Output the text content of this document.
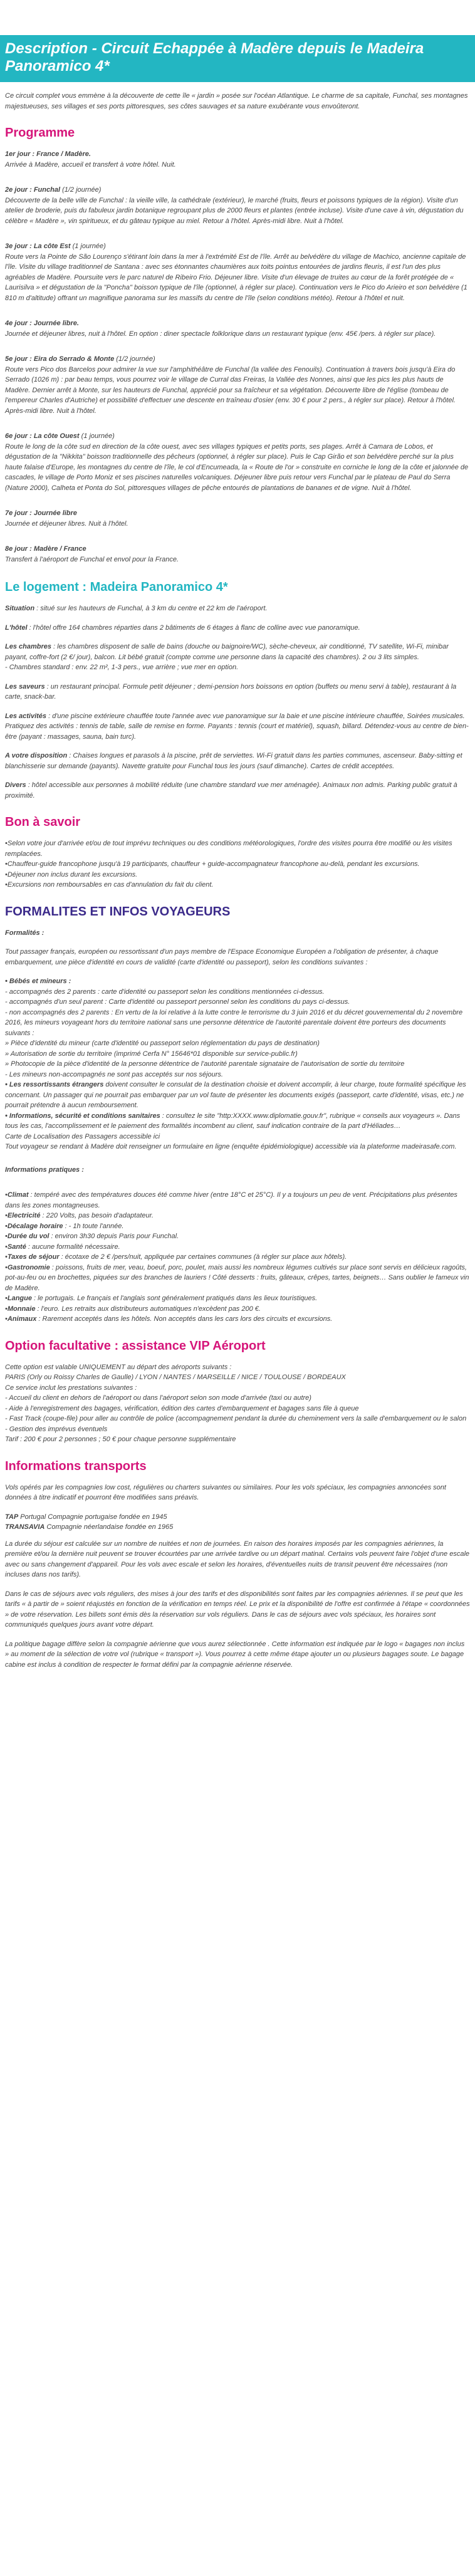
Description - Circuit Echappée à Madère depuis le Madeira Panoramico 4*

Ce circuit complet vous emmène à la découverte de cette île « jardin » posée sur l'océan Atlantique. Le charme de sa capitale, Funchal, ses montagnes majestueuses, ses villages et ses ports pittoresques, ses côtes sauvages et sa nature exubérante vous envoûteront.

Programme
1er jour : France / Madère.
Arrivée à Madère, accueil et transfert à votre hôtel. Nuit.
2e jour : Funchal (1/2 journée)
Découverte de la belle ville de Funchal : la vieille ville, la cathédrale (extérieur), le marché (fruits, fleurs et poissons typiques de la région). Visite d'un atelier de broderie, puis du fabuleux jardin botanique regroupant plus de 2000 fleurs et plantes (entrée incluse). Visite d'une cave à vin, dégustation du célèbre « Madère », vin spiritueux, et du gâteau typique au miel. Retour à l'hôtel. Après-midi libre. Nuit à l'hôtel.
3e jour : La côte Est (1 journée)
Route vers la Pointe de São Lourenço s'étirant loin dans la mer à l'extrémité Est de l'île. Arrêt au belvédère du village de Machico, ancienne capitale de l'île. Visite du village traditionnel de Santana : avec ses étonnantes chaumières aux toits pointus entourées de jardins fleuris, il est l'un des plus agréables de Madère. Poursuite vers le parc naturel de Ribeiro Frio. Déjeuner libre. Visite d'un élevage de truites au cœur de la forêt protégée de « Laurisilva » et dégustation de la "Poncha" boisson typique de l'île (optionnel, à régler sur place). Continuation vers le Pico do Arieiro et son belvédère (1 810 m d'altitude) offrant un magnifique panorama sur les massifs du centre de l'île (selon conditions météo). Retour à l'hôtel et nuit.
4e jour : Journée libre.
Journée et déjeuner libres, nuit à l'hôtel. En option : diner spectacle folklorique dans un restaurant typique (env. 45€ /pers. à régler sur place).
5e jour : Eira do Serrado & Monte (1/2 journée)
Route vers Pico dos Barcelos pour admirer la vue sur l'amphithéâtre de Funchal (la vallée des Fenouils). Continuation à travers bois jusqu'à Eira do Serrado (1026 m) : par beau temps, vous pourrez voir le village de Curral das Freiras, la Vallée des Nonnes, ainsi que les pics les plus hauts de Madère. Dernier arrêt à Monte, sur les hauteurs de Funchal, apprécié pour sa fraîcheur et sa végétation. Découverte libre de l'église (tombeau de l'empereur Charles d'Autriche) et possibilité d'effectuer une descente en traîneau d'osier (env. 30 € pour 2 pers., à régler sur place). Retour à l'hôtel. Après-midi libre. Nuit à l'hôtel.
6e jour : La côte Ouest (1 journée)
Route le long de la côte sud en direction de la côte ouest, avec ses villages typiques et petits ports, ses plages. Arrêt à Camara de Lobos, et dégustation de la "Nikkita" boisson traditionnelle des pêcheurs (optionnel, à régler sur place). Puis le Cap Girão et son belvédère perché sur la plus haute falaise d'Europe, les montagnes du centre de l'île, le col d'Encumeada, la « Route de l'or » construite en corniche le long de la côte et jalonnée de cascades, le village de Porto Moniz et ses piscines naturelles volcaniques. Déjeuner libre puis retour vers Funchal par le plateau de Paul do Serra (Nature 2000), Calheta et Ponta do Sol, pittoresques villages de pêche entourés de plantations de bananes et de vigne. Nuit à l'hôtel.
7e jour : Journée libre
Journée et déjeuner libres. Nuit à l'hôtel.
8e jour : Madère / France
Transfert à l'aéroport de Funchal et envol pour la France.
Le logement : Madeira Panoramico 4*

Situation : situé sur les hauteurs de Funchal, à 3 km du centre et 22 km de l'aéroport.

L'hôtel : l'hôtel offre 164 chambres réparties dans 2 bâtiments de 6 étages à flanc de colline avec vue panoramique.

Les chambres : les chambres disposent de salle de bains (douche ou baignoire/WC), sèche-cheveux, air conditionné, TV satellite, Wi-Fi, minibar payant, coffre-fort (2 €/ jour), balcon. Lit bébé gratuit (compte comme une personne dans la capacité des chambres). 2 ou 3 lits simples.
- Chambres standard : env. 22 m², 1-3 pers., vue arrière ; vue mer en option.

Les saveurs : un restaurant principal. Formule petit déjeuner ; demi-pension hors boissons en option (buffets ou menu servi à table), restaurant à la carte, snack-bar.

Les activités : d'une piscine extérieure chauffée toute l'année avec vue panoramique sur la baie et une piscine intérieure chauffée, Soirées musicales.
Pratiquez des activités : tennis de table, salle de remise en forme. Payants : tennis (court et matériel), squash, billard. Détendez-vous au centre de bien-être (payant : massages, sauna, bain turc).

A votre disposition : Chaises longues et parasols à la piscine, prêt de serviettes. Wi-Fi gratuit dans les parties communes, ascenseur. Baby-sitting et blanchisserie sur demande (payants). Navette gratuite pour Funchal tous les jours (sauf dimanche). Cartes de crédit acceptées.

Divers : hôtel accessible aux personnes à mobilité réduite (une chambre standard vue mer aménagée). Animaux non admis. Parking public gratuit à proximité.

Bon à savoir
• Selon votre jour d'arrivée et/ou de tout imprévu techniques ou des conditions météorologiques, l'ordre des visites pourra être modifié ou les visites remplacées.
• Chauffeur-guide francophone jusqu'à 19 participants, chauffeur + guide-accompagnateur francophone au-delà, pendant les excursions.
• Déjeuner non inclus durant les excursions.
• Excursions non remboursables en cas d'annulation du fait du client.
FORMALITES ET INFOS VOYAGEURS

Formalités :

Tout passager français, européen ou ressortissant d'un pays membre de l'Espace Economique Européen a l'obligation de présenter, à chaque embarquement, une pièce d'identité en cours de validité (carte d'identité ou passeport), selon les conditions suivantes :

• Bébés et mineurs :
- accompagnés des 2 parents : carte d'identité ou passeport selon les conditions mentionnées ci-dessus.
- accompagnés d'un seul parent : Carte d'identité ou passeport personnel selon les conditions du pays ci-dessus.
- non accompagnés des 2 parents : En vertu de la loi relative à la lutte contre le terrorisme du 3 juin 2016 et du décret gouvernemental du 2 novembre 2016, les mineurs voyageant hors du territoire national sans une personne détentrice de l'autorité parentale doivent être porteurs des documents suivants :
» Pièce d'identité du mineur (carte d'identité ou passeport selon réglementation du pays de destination)
» Autorisation de sortie du territoire (imprimé Cerfa N° 15646*01 disponible sur service-public.fr)
» Photocopie de la pièce d'identité de la personne détentrice de l'autorité parentale signataire de l'autorisation de sortie du territoire
- Les mineurs non-accompagnés ne sont pas acceptés sur nos séjours.
• Les ressortissants étrangers doivent consulter le consulat de la destination choisie et doivent accomplir, à leur charge, toute formalité spécifique les concernant. Un passager qui ne pourrait pas embarquer par un vol faute de présenter les documents exigés (passeport, carte d'identité, visas, etc.) ne pourrait prétendre à aucun remboursement.
• Informations, sécurité et conditions sanitaires : consultez le site "http:XXXX.www.diplomatie.gouv.fr", rubrique « conseils aux voyageurs ». Dans tous les cas, l'accomplissement et le paiement des formalités incombent au client, sauf indication contraire de la part d'Héliades…
Carte de Localisation des Passagers accessible ici
Tout voyageur se rendant à Madère doit renseigner un formulaire en ligne (enquête épidémiologique) accessible via la plateforme madeirasafe.com.

Informations pratiques :

• Climat : tempéré avec des températures douces été comme hiver (entre 18°C et 25°C). Il y a toujours un peu de vent. Précipitations plus présentes dans les zones montagneuses.
• Electricité : 220 Volts, pas besoin d'adaptateur.
• Décalage horaire : - 1h toute l'année.
• Durée du vol : environ 3h30 depuis Paris pour Funchal.
• Santé : aucune formalité nécessaire.
• Taxes de séjour : écotaxe de 2 € /pers/nuit, appliquée par certaines communes (à régler sur place aux hôtels).
• Gastronomie : poissons, fruits de mer, veau, boeuf, porc, poulet, mais aussi les nombreux légumes cultivés sur place sont servis en délicieux ragoûts, pot-au-feu ou en brochettes, piquées sur des branches de lauriers ! Côté desserts : fruits, gâteaux, crêpes, tartes, beignets… Sans oublier le fameux vin de Madère.
• Langue : le portugais. Le français et l'anglais sont généralement pratiqués dans les lieux touristiques.
• Monnaie : l'euro. Les retraits aux distributeurs automatiques n'excèdent pas 200 €.
• Animaux : Rarement acceptés dans les hôtels. Non acceptés dans les cars lors des circuits et excursions.
Option facultative : assistance VIP Aéroport
Cette option est valable UNIQUEMENT au départ des aéroports suivants :
PARIS (Orly ou Roissy Charles de Gaulle) / LYON / NANTES / MARSEILLE / NICE / TOULOUSE / BORDEAUX
Ce service inclut les prestations suivantes :
- Accueil du client en dehors de l'aéroport ou dans l'aéroport selon son mode d'arrivée (taxi ou autre)
- Aide à l'enregistrement des bagages, vérification, édition des cartes d'embarquement et bagages sans file à queue
- Fast Track (coupe-file) pour aller au contrôle de police (accompagnement pendant la durée du cheminement vers la salle d'embarquement ou le salon
- Gestion des imprévus éventuels
Tarif : 200 € pour 2 personnes ; 50 € pour chaque personne supplémentaire
Informations transports

Vols opérés par les compagnies low cost, régulières ou charters suivantes ou similaires. Pour les vols spéciaux, les compagnies annoncées sont données à titre indicatif et pourront être modifiées sans préavis.

TAP Portugal Compagnie portugaise fondée en 1945
TRANSAVIA Compagnie néerlandaise fondée en 1965

La durée du séjour est calculée sur un nombre de nuitées et non de journées. En raison des horaires imposés par les compagnies aériennes, la première et/ou la dernière nuit peuvent se trouver écourtées par une arrivée tardive ou un départ matinal. Certains vols peuvent faire l'objet d'une escale avec ou sans changement d'appareil. Pour les vols avec escale et selon les horaires, d'éventuelles nuits de transit peuvent être nécessaires (non incluses dans nos tarifs).

Dans le cas de séjours avec vols réguliers, des mises à jour des tarifs et des disponibilités sont faites par les compagnies aériennes. Il se peut que les tarifs « à partir de » soient réajustés en fonction de la vérification en temps réel. Le prix et la disponibilité de l'offre est confirmée à l'étape « coordonnées » de votre réservation. Les billets sont émis dès la réservation sur vols réguliers. Dans le cas de séjours avec vols spéciaux, les horaires sont communiqués quelques jours avant votre départ.

La politique bagage diffère selon la compagnie aérienne que vous aurez sélectionnée . Cette information est indiquée par le logo « bagages non inclus » au moment de la sélection de votre vol (rubrique « transport »). Vous pourrez à cette même étape ajouter un ou plusieurs bagages soute. Le bagage cabine est inclus à condition de respecter le format défini par la compagnie aérienne réservée.
